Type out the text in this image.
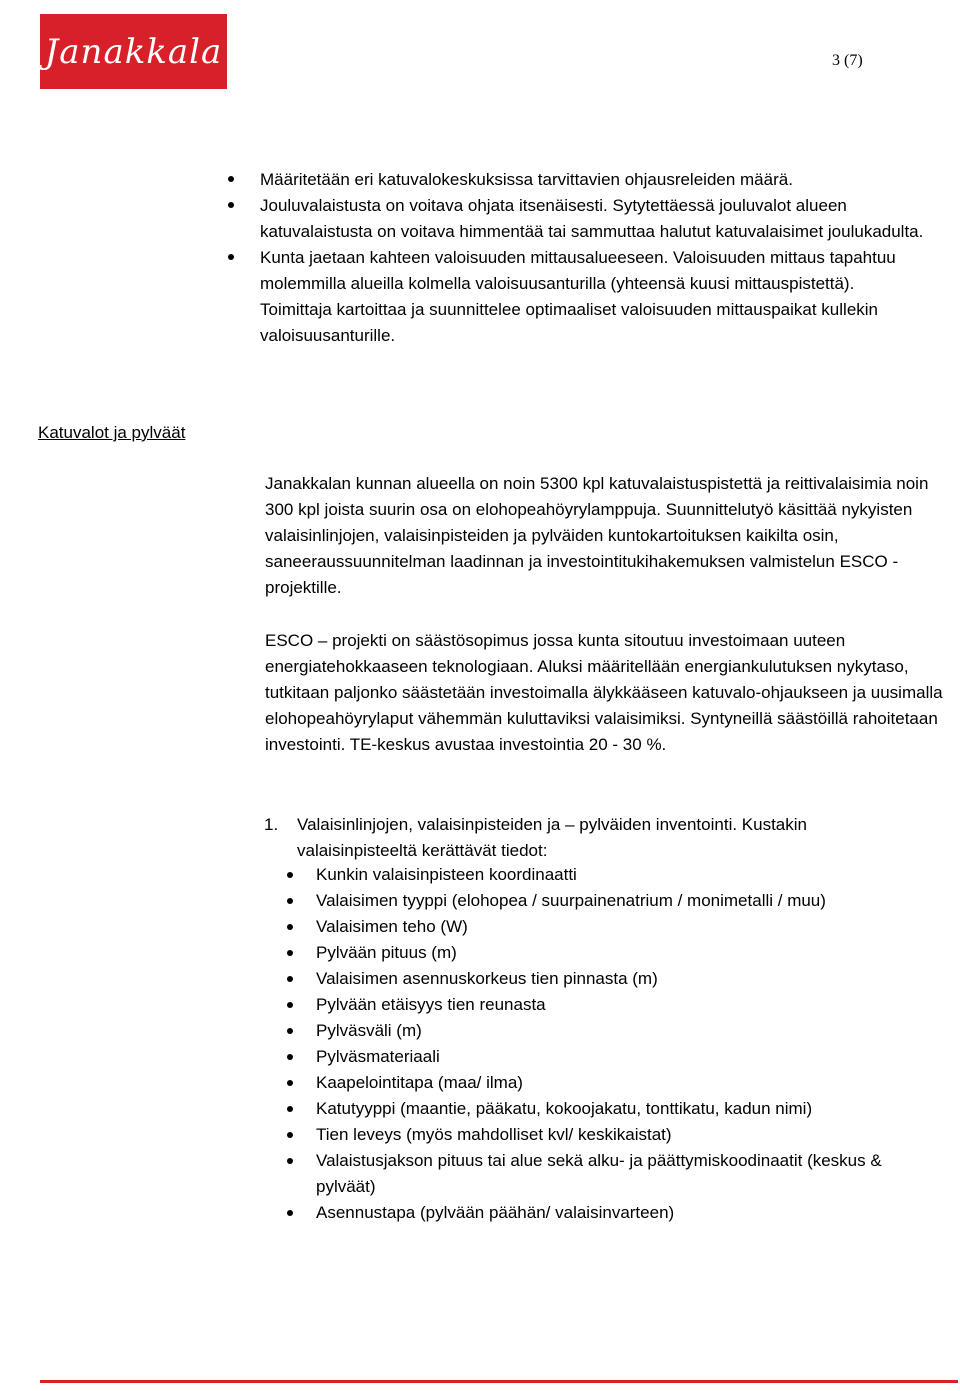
Janakkala	3 (7)
Määritetään eri katuvalokeskuksissa tarvittavien ohjausreleiden määrä.
Jouluvalaistusta on voitava ohjata itsenäisesti. Sytytettäessä jouluvalot alueen katuvalaistusta on voitava himmentää tai sammuttaa halutut katuvalaisimet joulukadulta.
Kunta jaetaan kahteen valoisuuden mittausalueeseen. Valoisuuden mittaus tapahtuu molemmilla alueilla kolmella valoisuusanturilla (yhteensä kuusi mittauspistettä). Toimittaja kartoittaa ja suunnittelee optimaaliset valoisuuden mittauspaikat kullekin valoisuusanturille.
Katuvalot ja pylväät

Janakkalan kunnan alueella on noin 5300 kpl katuvalaistuspistettä ja reittivalaisimia noin 300 kpl joista suurin osa on elohopeahöyrylamppuja. Suunnittelutyö käsittää nykyisten valaisinlinjojen, valaisinpisteiden ja pylväiden kuntokartoituksen kaikilta osin, saneeraussuunnitelman laadinnan ja investointitukihakemuksen valmistelun ESCO -projektille.

ESCO – projekti on säästösopimus jossa kunta sitoutuu investoimaan uuteen energiatehokkaaseen teknologiaan. Aluksi määritellään energiankulutuksen nykytaso, tutkitaan paljonko säästetään investoimalla älykkääseen katuvalo-ohjaukseen ja uusimalla elohopeahöyrylaput vähemmän kuluttaviksi valaisimiksi. Syntyneillä säästöillä rahoitetaan investointi. TE-keskus avustaa investointia 20 - 30 %.

1.	Valaisinlinjojen, valaisinpisteiden ja – pylväiden inventointi. Kustakin valaisinpisteeltä kerättävät tiedot:

Kunkin valaisinpisteen koordinaatti
Valaisimen tyyppi (elohopea / suurpainenatrium / monimetalli / muu)
Valaisimen teho (W)
Pylvään pituus (m)
Valaisimen asennuskorkeus tien pinnasta (m)
Pylvään etäisyys tien reunasta
Pylväsväli (m)
Pylväsmateriaali
Kaapelointitapa (maa/ ilma)
Katutyyppi (maantie, pääkatu, kokoojakatu, tonttikatu, kadun nimi)
Tien leveys (myös mahdolliset kvl/ keskikaistat)
Valaistusjakson pituus tai alue sekä alku- ja päättymiskoodinaatit (keskus & pylväät)
Asennustapa (pylvään päähän/ valaisinvarteen)
